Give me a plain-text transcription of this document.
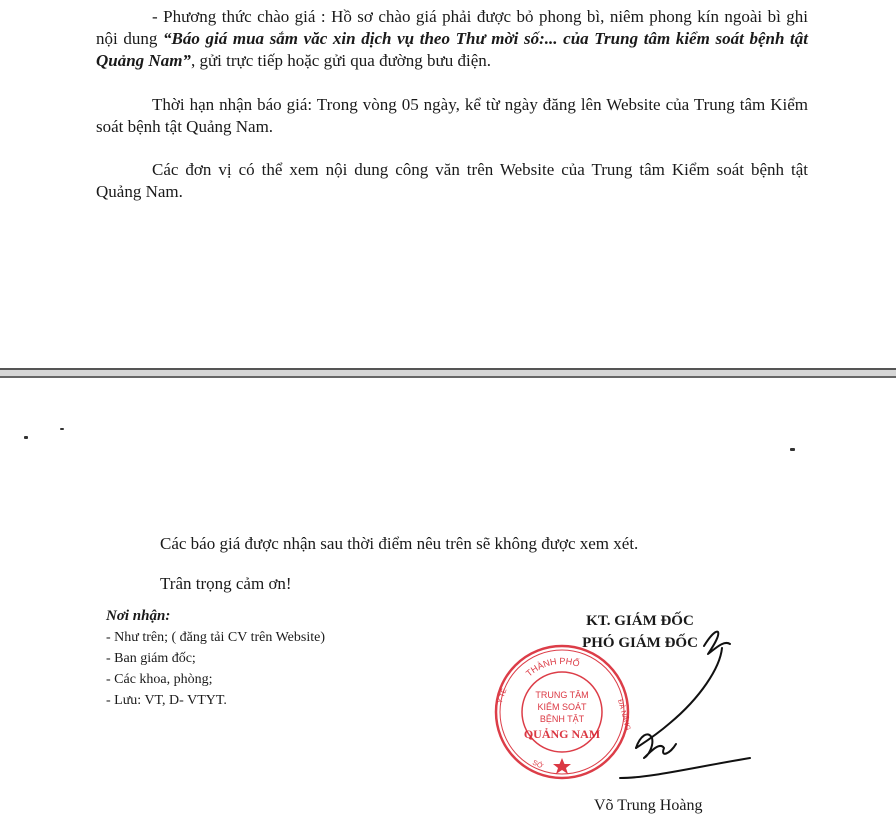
- Phương thức chào giá : Hồ sơ chào giá phải được bỏ phong bì, niêm phong kín ngoài bì ghi nội dung “Báo giá mua sắm văc xin dịch vụ theo Thư mời số:... của Trung tâm kiểm soát bệnh tật Quảng Nam”, gửi trực tiếp hoặc gửi qua đường bưu điện.
Thời hạn nhận báo giá: Trong vòng 05 ngày, kể từ ngày đăng lên Website của Trung tâm Kiểm soát bệnh tật Quảng Nam.
Các đơn vị có thể xem nội dung công văn trên Website của Trung tâm Kiểm soát bệnh tật Quảng Nam.
Các báo giá được nhận sau thời điểm nêu trên sẽ không được xem xét.
Trân trọng cảm ơn!
Nơi nhận:
- Như trên; ( đăng tải CV trên Website)
- Ban giám đốc;
- Các khoa, phòng;
- Lưu: VT, D- VTYT.
KT. GIÁM ĐỐC
PHÓ GIÁM ĐỐC
THÀNH PHỐ
Y TẾ
ĐÀ NẴNG
SỞ
TRUNG TÂM
KIỂM SOÁT
BỆNH TẬT
QUẢNG NAM
Võ Trung Hoàng
